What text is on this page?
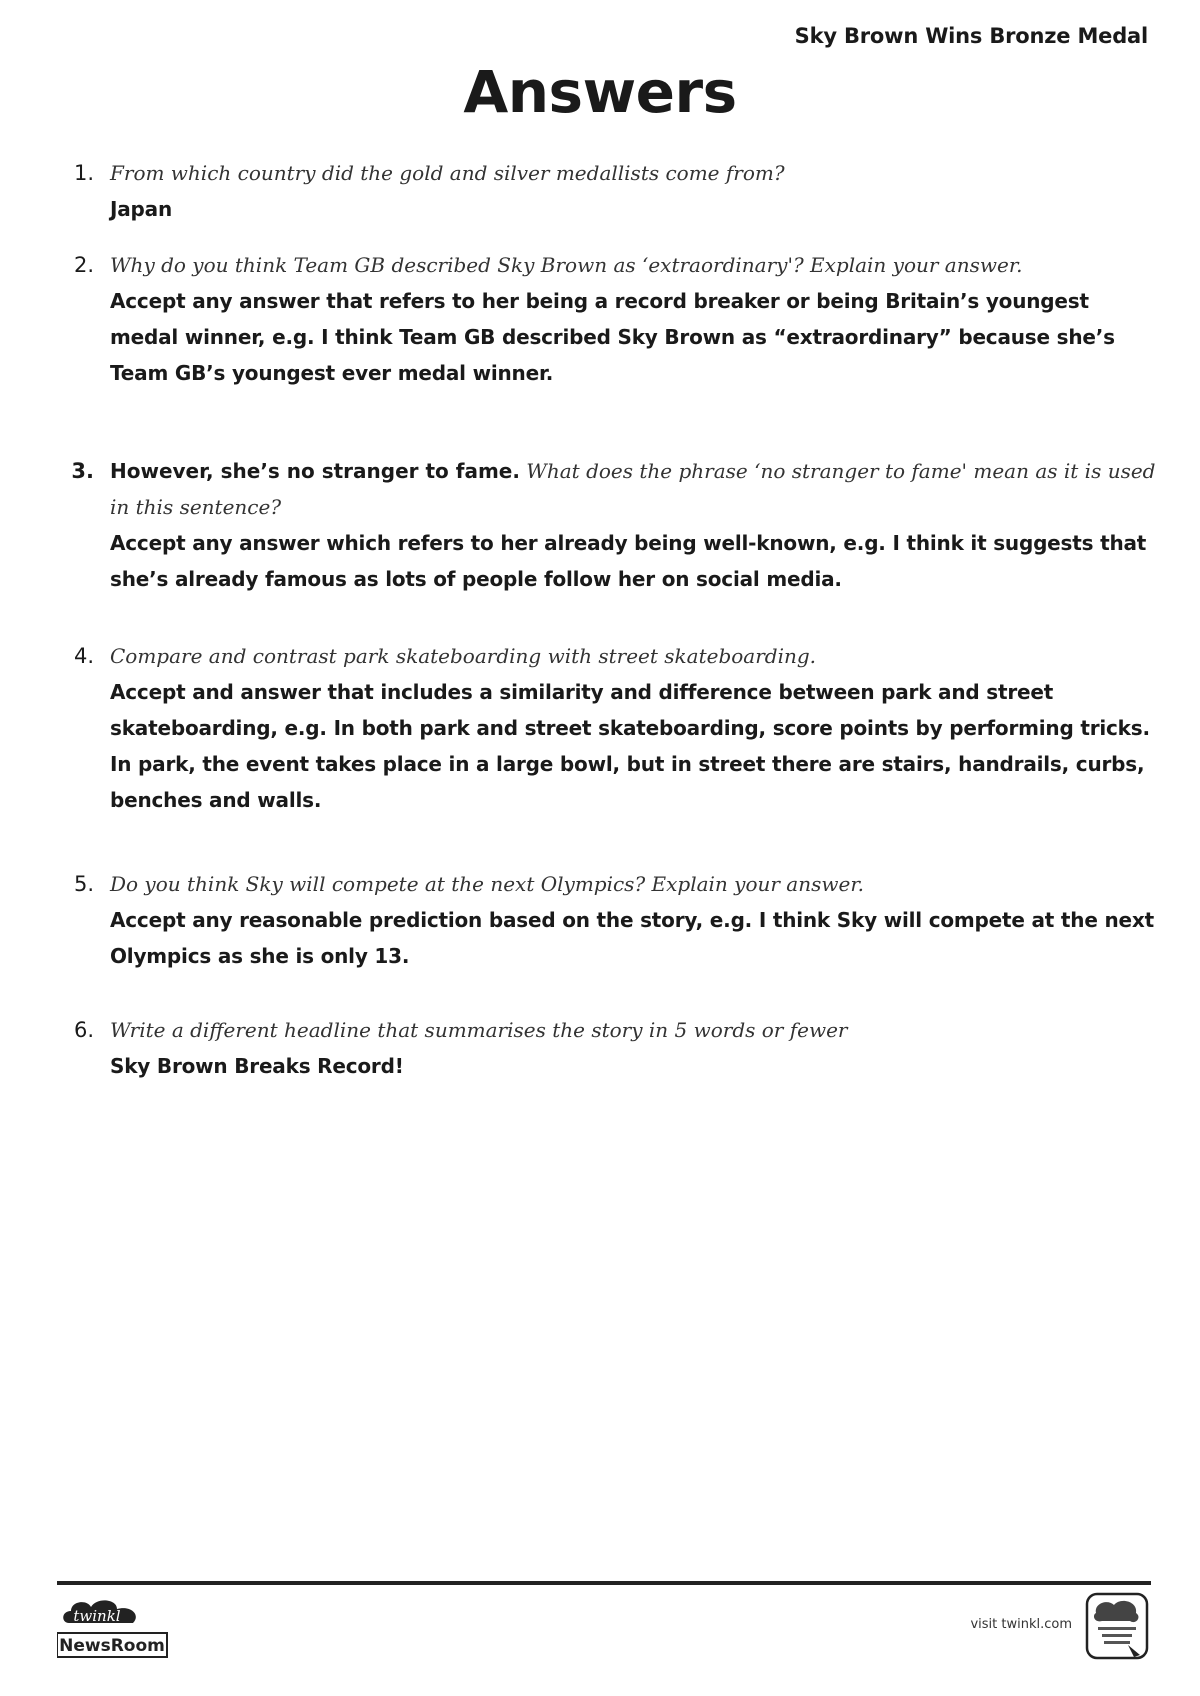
Sky Brown Wins Bronze Medal
Answers
1. From which country did the gold and silver medallists come from?

Japan

2. Why do you think Team GB described Sky Brown as ‘extraordinary'? Explain your answer.

Accept any answer that refers to her being a record breaker or being Britain’s youngest medal winner, e.g. I think Team GB described Sky Brown as “extraordinary” because she’s Team GB’s youngest ever medal winner.

3. However, she’s no stranger to fame. What does the phrase ‘no stranger to fame' mean as it is used in this sentence?

Accept any answer which refers to her already being well-known, e.g. I think it suggests that she’s already famous as lots of people follow her on social media.

4. Compare and contrast park skateboarding with street skateboarding.

Accept and answer that includes a similarity and difference between park and street skateboarding, e.g. In both park and street skateboarding, score points by performing tricks. In park, the event takes place in a large bowl, but in street there are stairs, handrails, curbs, benches and walls.

5. Do you think Sky will compete at the next Olympics? Explain your answer.

Accept any reasonable prediction based on the story, e.g. I think Sky will compete at the next Olympics as she is only 13.

6. Write a different headline that summarises the story in 5 words or fewer

Sky Brown Breaks Record!

twinkl
NewsRoom
visit twinkl.com
